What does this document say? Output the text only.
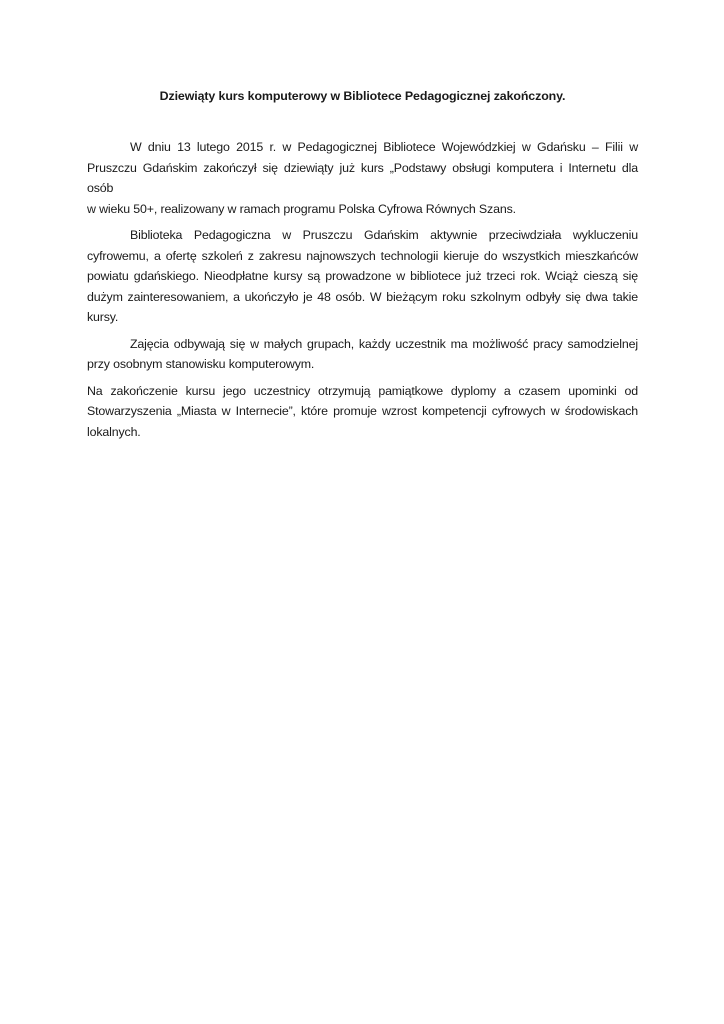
Dziewiąty kurs komputerowy w Bibliotece Pedagogicznej zakończony.

W dniu 13 lutego 2015 r. w Pedagogicznej Bibliotece Wojewódzkiej w Gdańsku – Filii w

Pruszczu Gdańskim zakończył się dziewiąty już kurs „Podstawy obsługi komputera i Internetu dla
osób
w wieku 50+, realizowany w ramach programu Polska Cyfrowa Równych Szans.

Biblioteka Pedagogiczna w Pruszczu Gdańskim aktywnie przeciwdziała wykluczeniu cyfrowemu, a ofertę szkoleń z zakresu najnowszych technologii kieruje do wszystkich mieszkańców powiatu gdańskiego. Nieodpłatne kursy są prowadzone w bibliotece już trzeci rok. Wciąż cieszą się dużym zainteresowaniem, a ukończyło je 48 osób. W bieżącym roku szkolnym odbyły się dwa takie kursy.

Zajęcia odbywają się w małych grupach, każdy uczestnik ma możliwość pracy samodzielnej przy osobnym stanowisku komputerowym.

Na zakończenie kursu jego uczestnicy otrzymują pamiątkowe dyplomy a czasem upominki od Stowarzyszenia „Miasta w Internecie”, które promuje wzrost kompetencji cyfrowych w środowiskach lokalnych.
